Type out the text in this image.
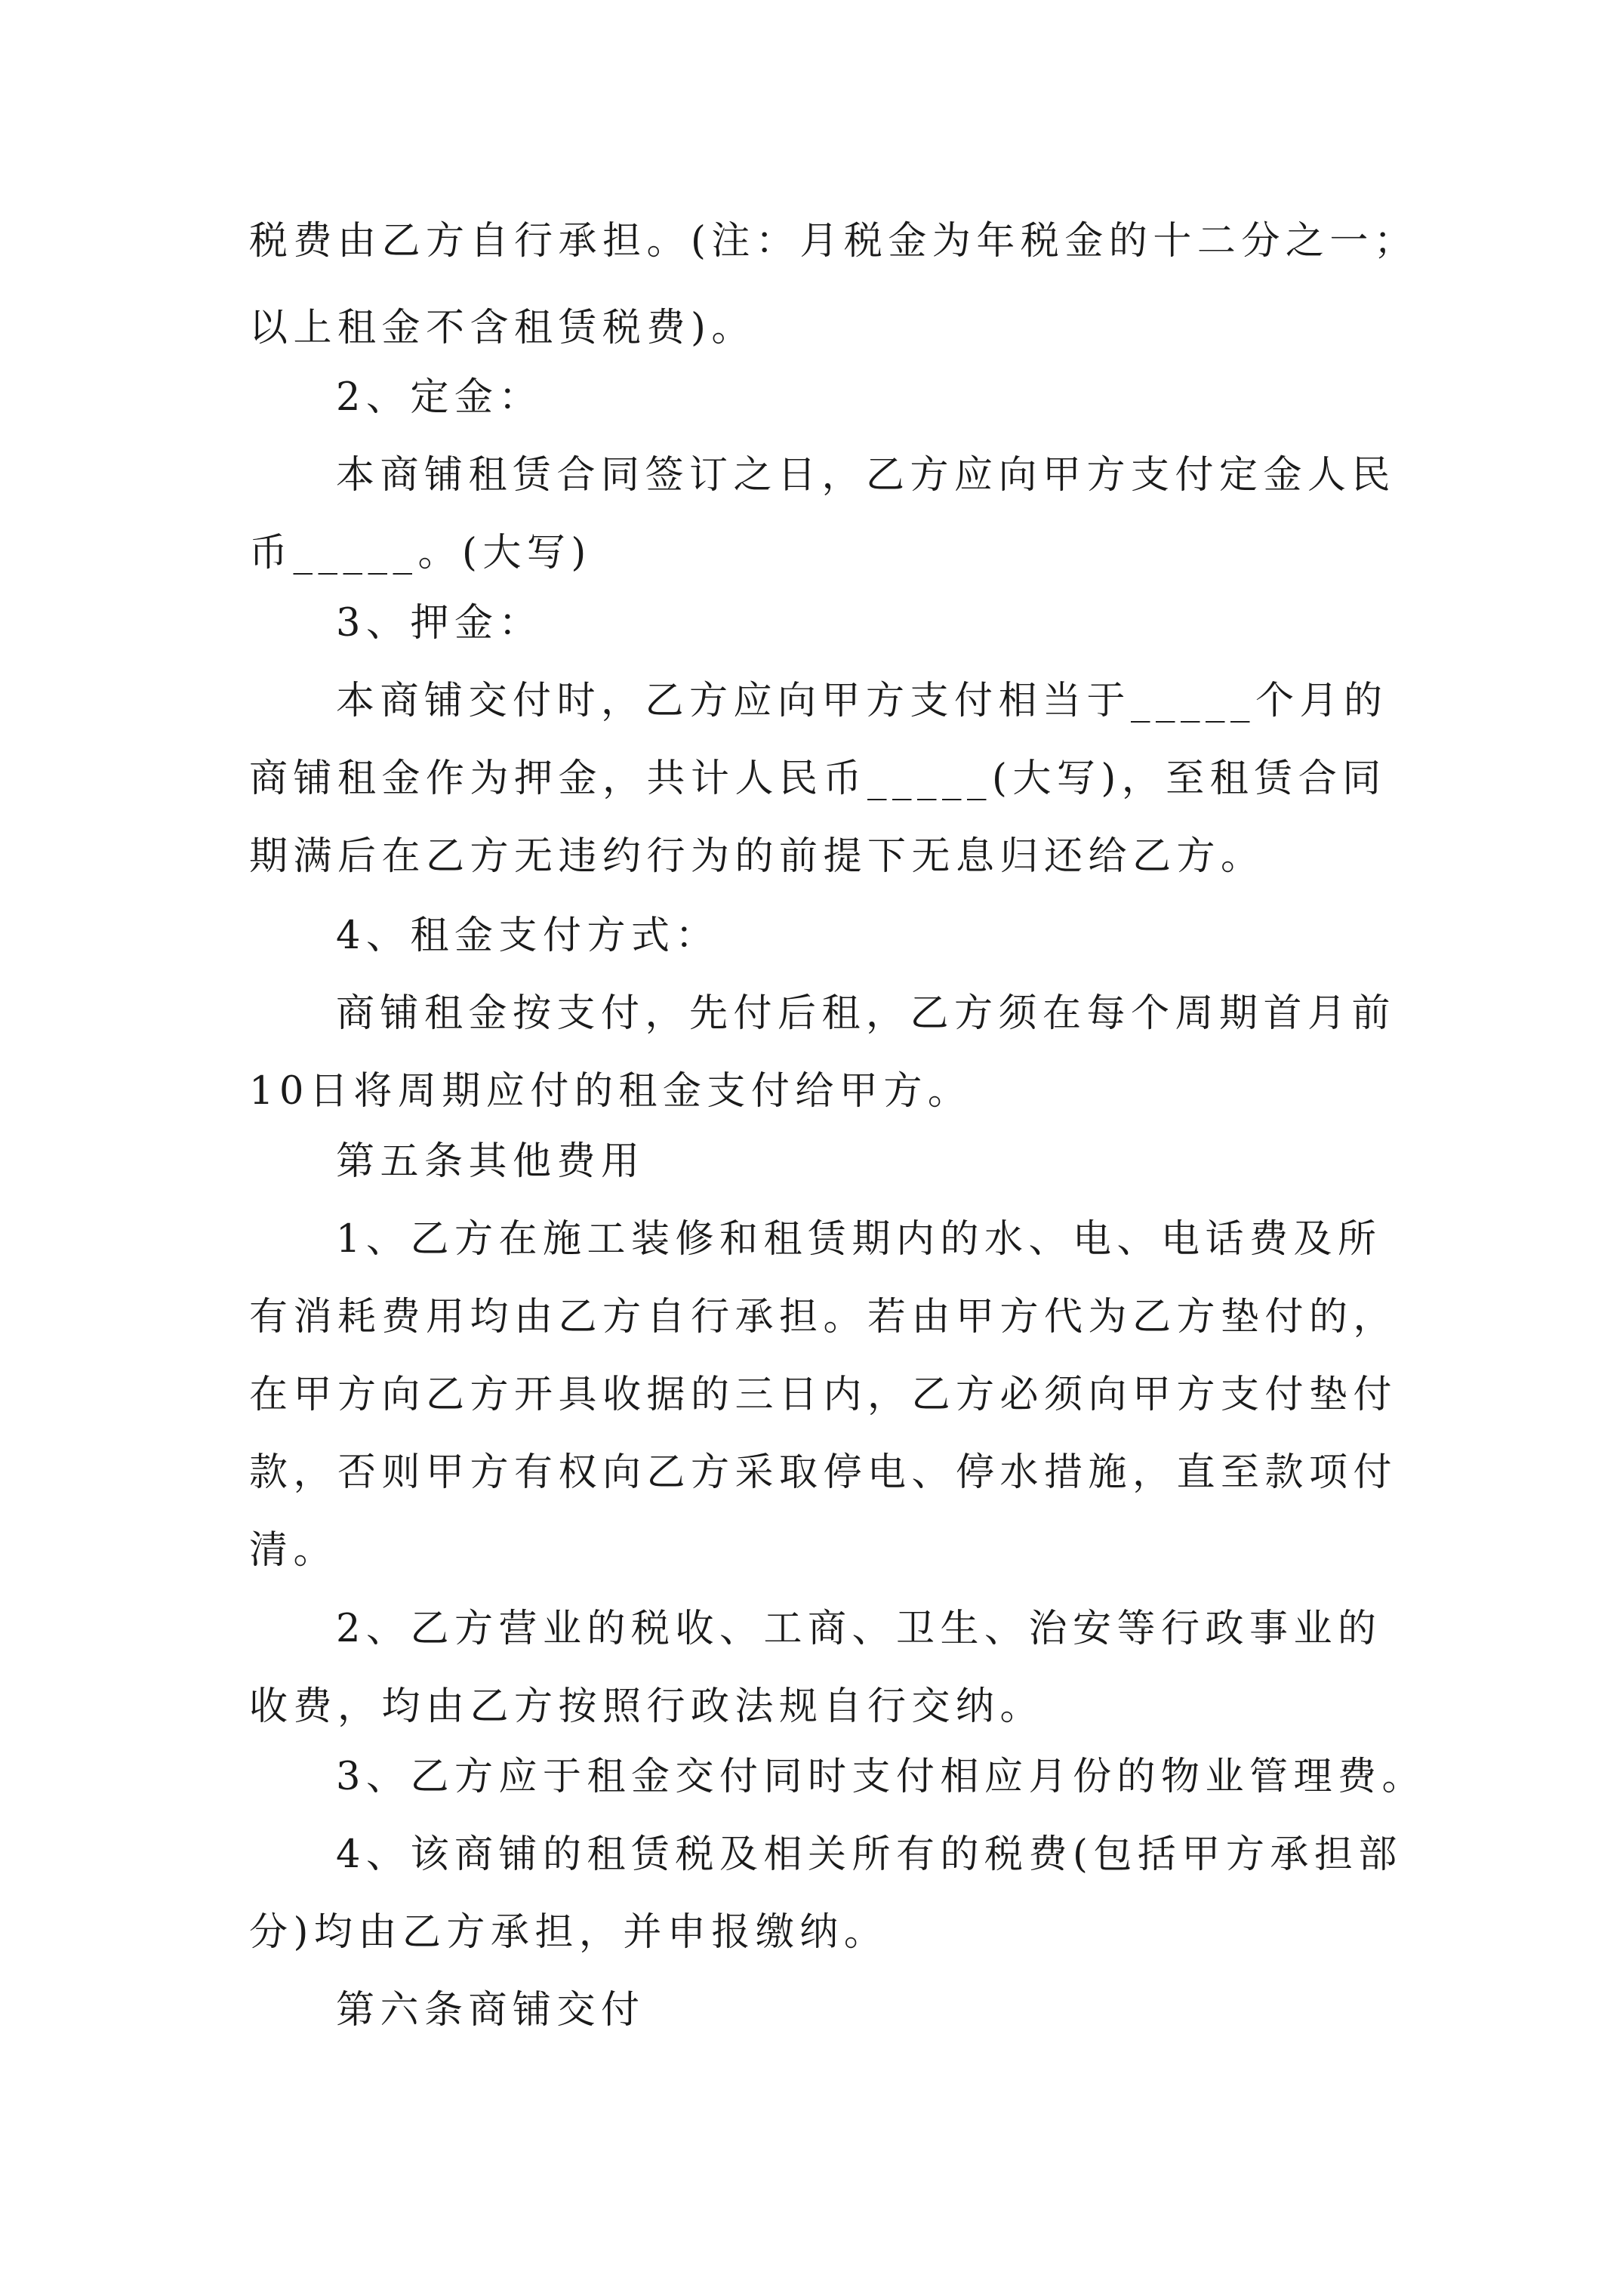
税费由乙方自行承担。(注：月税金为年税金的十二分之一；
以上租金不含租赁税费)。
2、定金：
本商铺租赁合同签订之日，乙方应向甲方支付定金人民
币_____。(大写)
3、押金：
本商铺交付时，乙方应向甲方支付相当于_____个月的
商铺租金作为押金，共计人民币_____(大写)，至租赁合同
期满后在乙方无违约行为的前提下无息归还给乙方。
4、租金支付方式：
商铺租金按支付，先付后租，乙方须在每个周期首月前
10日将周期应付的租金支付给甲方。
第五条其他费用
1、乙方在施工装修和租赁期内的水、电、电话费及所
有消耗费用均由乙方自行承担。若由甲方代为乙方垫付的，
在甲方向乙方开具收据的三日内，乙方必须向甲方支付垫付
款，否则甲方有权向乙方采取停电、停水措施，直至款项付
清。
2、乙方营业的税收、工商、卫生、治安等行政事业的
收费，均由乙方按照行政法规自行交纳。
3、乙方应于租金交付同时支付相应月份的物业管理费。
4、该商铺的租赁税及相关所有的税费(包括甲方承担部
分)均由乙方承担，并申报缴纳。
第六条商铺交付
